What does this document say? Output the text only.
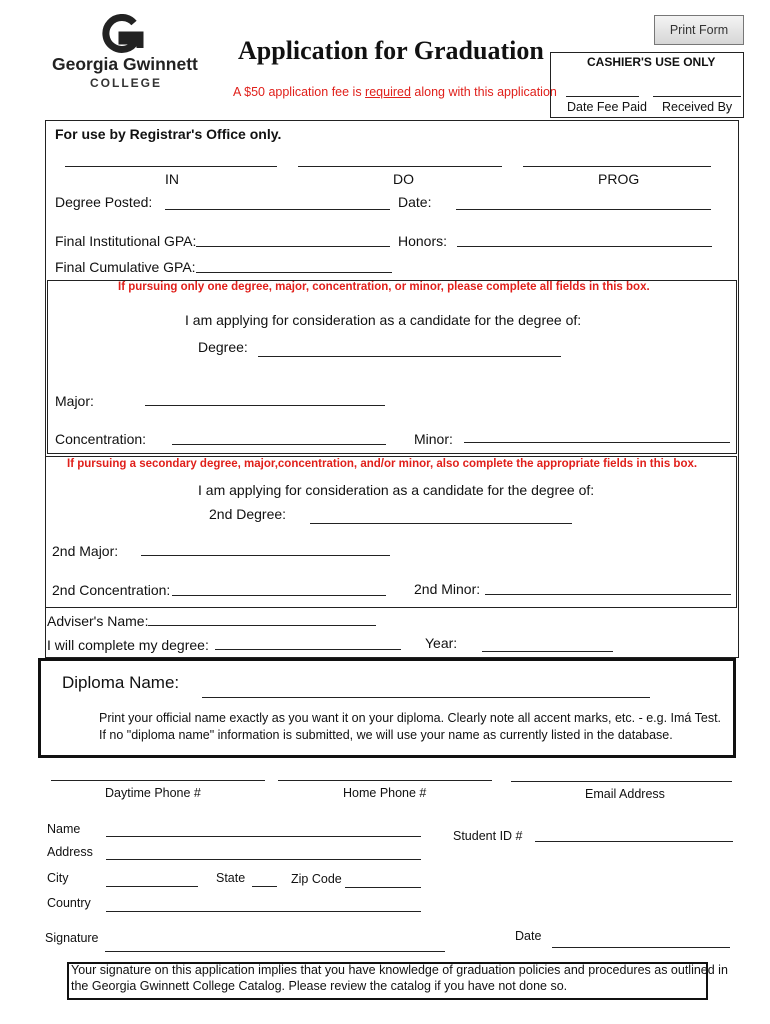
Georgia Gwinnett
COLLEGE
Application for Graduation
A $50 application fee is required along with this application
Print Form
CASHIER'S USE ONLY
Date Fee Paid Received By
For use by Registrar's Office only.
IN	DO	PROG
Degree Posted:	Date:
Final Institutional GPA:	Honors:
Final Cumulative GPA:
If pursuing only one degree, major, concentration, or minor, please complete all fields in this box.
I am applying for consideration as a candidate for the degree of:
Degree:
Major:
Concentration:	Minor:
If pursuing a secondary degree, major,concentration, and/or minor, also complete the appropriate fields in this box.
I am applying for consideration as a candidate for the degree of:
2nd Degree:
2nd Major:
2nd Concentration:	2nd Minor:
Adviser's Name:
I will complete my degree:	Year:
Diploma Name:
Print your official name exactly as you want it on your diploma. Clearly note all accent marks, etc. - e.g. Imá Test.
If no "diploma name" information is submitted, we will use your name as currently listed in the database.
Daytime Phone #	Home Phone #	Email Address
Name	Student ID #
Address
City	State	Zip Code
Country
Signature	Date
Your signature on this application implies that you have knowledge of graduation policies and procedures as outlined in
the Georgia Gwinnett College Catalog. Please review the catalog if you have not done so.
